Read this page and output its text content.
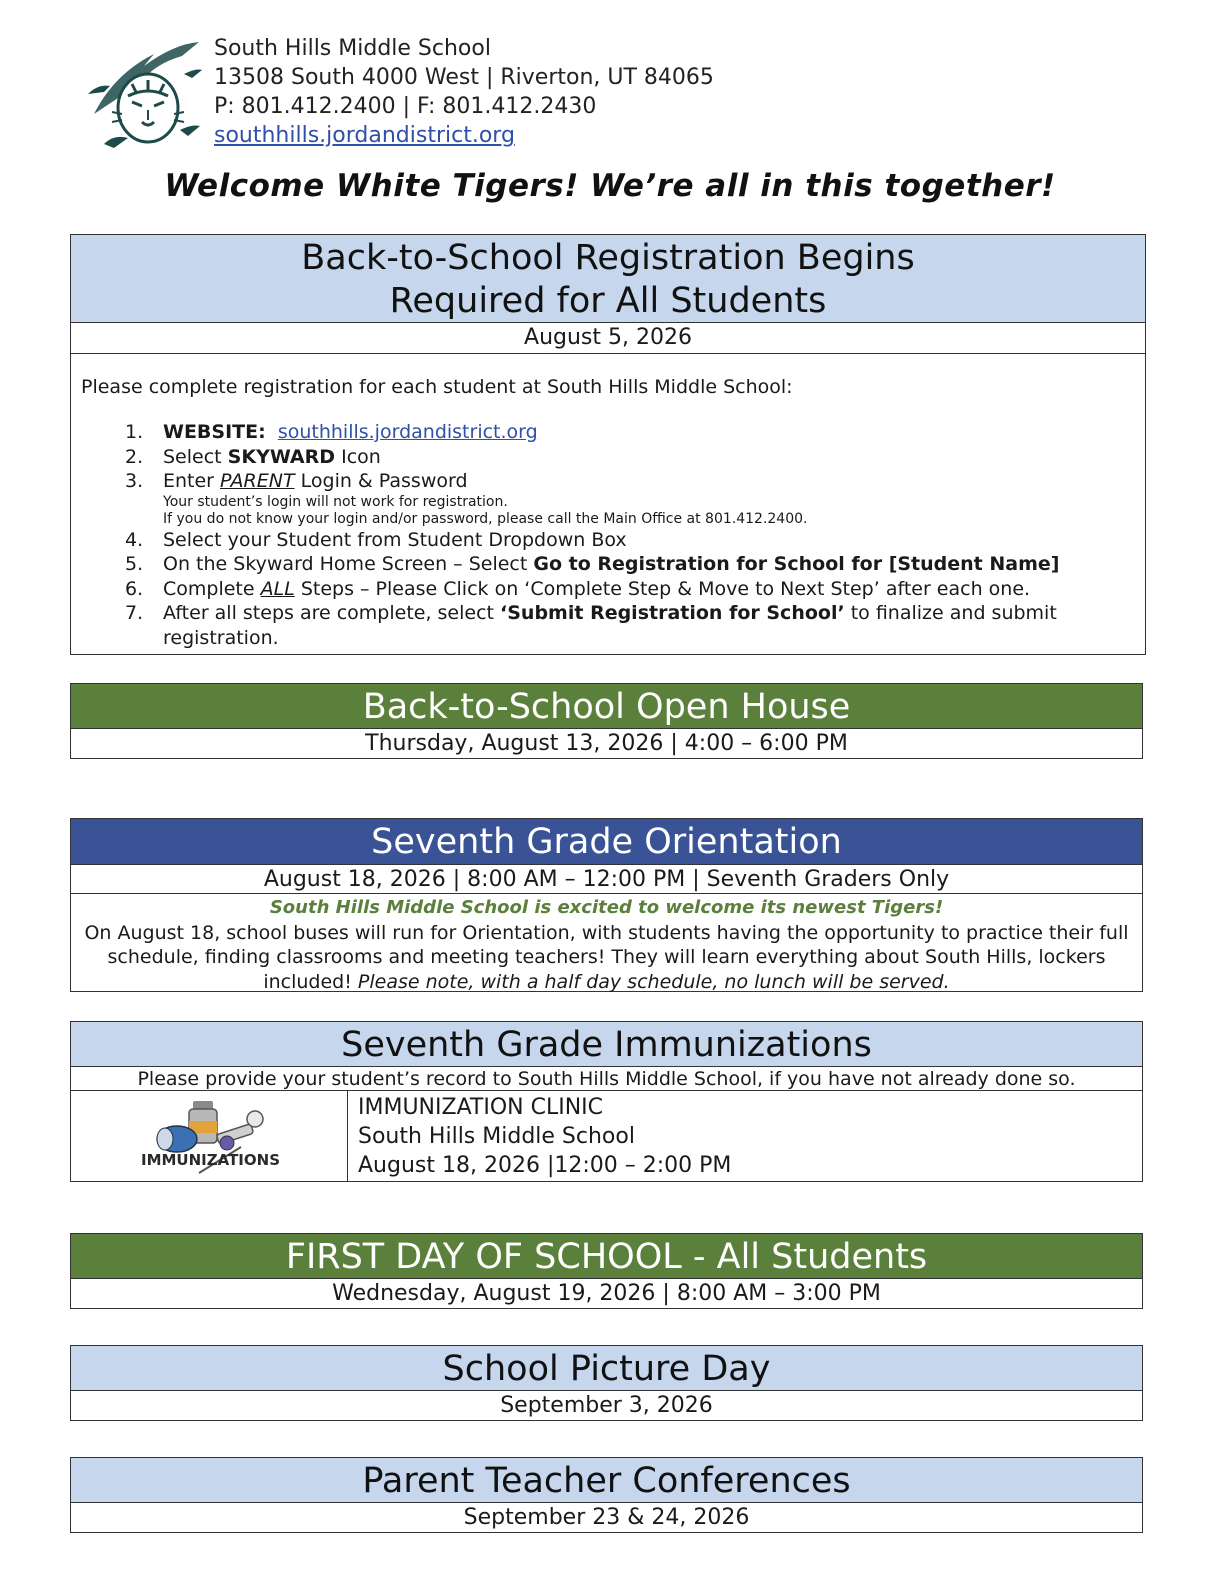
South Hills Middle School
13508 South 4000 West | Riverton, UT 84065
P: 801.412.2400 | F: 801.412.2430
southhills.jordandistrict.org
Welcome White Tigers! We’re all in this together!
Back-to-School Registration Begins
Required for All Students
August 5, 2026
Please complete registration for each student at South Hills Middle School:
1.	WEBSITE: southhills.jordandistrict.org
2.	Select SKYWARD Icon
3.	Enter PARENT Login & Password
Your student’s login will not work for registration.
If you do not know your login and/or password, please call the Main Office at 801.412.2400.
4.	Select your Student from Student Dropdown Box
5.	On the Skyward Home Screen – Select Go to Registration for School for [Student Name]
6.	Complete ALL Steps – Please Click on ‘Complete Step & Move to Next Step’ after each one.
7.	After all steps are complete, select ‘Submit Registration for School’ to finalize and submit registration.
Back-to-School Open House
Thursday, August 13, 2026 | 4:00 – 6:00 PM
Seventh Grade Orientation
August 18, 2026 | 8:00 AM – 12:00 PM | Seventh Graders Only
South Hills Middle School is excited to welcome its newest Tigers!
On August 18, school buses will run for Orientation, with students having the opportunity to practice their full
schedule, finding classrooms and meeting teachers! They will learn everything about South Hills, lockers
included! Please note, with a half day schedule, no lunch will be served.
Seventh Grade Immunizations
Please provide your student’s record to South Hills Middle School, if you have not already done so.
IMMUNIZATIONS
IMMUNIZATION CLINIC
South Hills Middle School
August 18, 2026 |12:00 – 2:00 PM
FIRST DAY OF SCHOOL - All Students
Wednesday, August 19, 2026 | 8:00 AM – 3:00 PM
School Picture Day
September 3, 2026
Parent Teacher Conferences
September 23 & 24, 2026
